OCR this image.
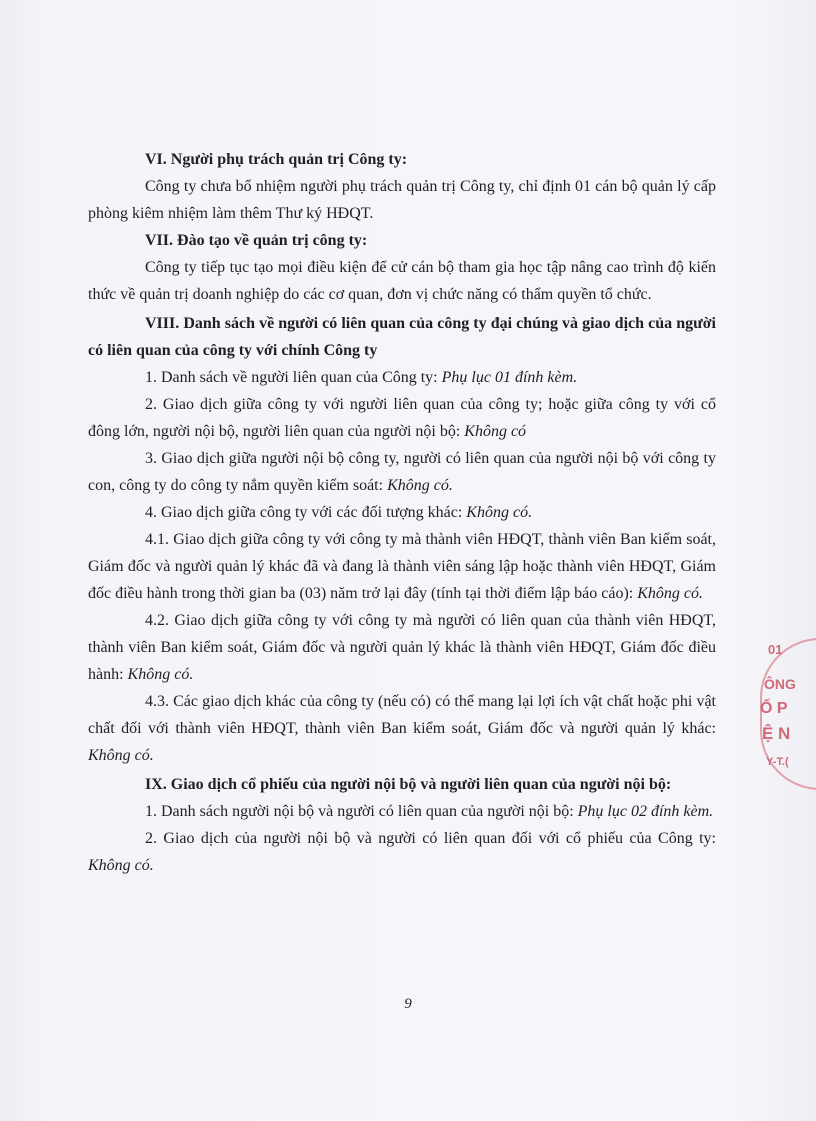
VI. Người phụ trách quản trị Công ty:
Công ty chưa bổ nhiệm người phụ trách quản trị Công ty, chỉ định 01 cán bộ quản lý cấp phòng kiêm nhiệm làm thêm Thư ký HĐQT.
VII. Đào tạo về quản trị công ty:
Công ty tiếp tục tạo mọi điều kiện để cử cán bộ tham gia học tập nâng cao trình độ kiến thức về quản trị doanh nghiệp do các cơ quan, đơn vị chức năng có thẩm quyền tổ chức.
VIII. Danh sách về người có liên quan của công ty đại chúng và giao dịch của người có liên quan của công ty với chính Công ty
1. Danh sách về người liên quan của Công ty: Phụ lục 01 đính kèm.
2. Giao dịch giữa công ty với người liên quan của công ty; hoặc giữa công ty với cổ đông lớn, người nội bộ, người liên quan của người nội bộ: Không có
3. Giao dịch giữa người nội bộ công ty, người có liên quan của người nội bộ với công ty con, công ty do công ty nắm quyền kiểm soát: Không có.
4. Giao dịch giữa công ty với các đối tượng khác: Không có.
4.1. Giao dịch giữa công ty với công ty mà thành viên HĐQT, thành viên Ban kiểm soát, Giám đốc và người quản lý khác đã và đang là thành viên sáng lập hoặc thành viên HĐQT, Giám đốc điều hành trong thời gian ba (03) năm trở lại đây (tính tại thời điểm lập báo cáo): Không có.
4.2. Giao dịch giữa công ty với công ty mà người có liên quan của thành viên HĐQT, thành viên Ban kiểm soát, Giám đốc và người quản lý khác là thành viên HĐQT, Giám đốc điều hành: Không có.
4.3. Các giao dịch khác của công ty (nếu có) có thể mang lại lợi ích vật chất hoặc phi vật chất đối với thành viên HĐQT, thành viên Ban kiểm soát, Giám đốc và người quản lý khác: Không có.
IX. Giao dịch cổ phiếu của người nội bộ và người liên quan của người nội bộ:
1. Danh sách người nội bộ và người có liên quan của người nội bộ: Phụ lục 02 đính kèm.
2. Giao dịch của người nội bộ và người có liên quan đối với cổ phiếu của Công ty: Không có.
9
01
ÔNG
Ổ P
Ệ N
Y-T.(
